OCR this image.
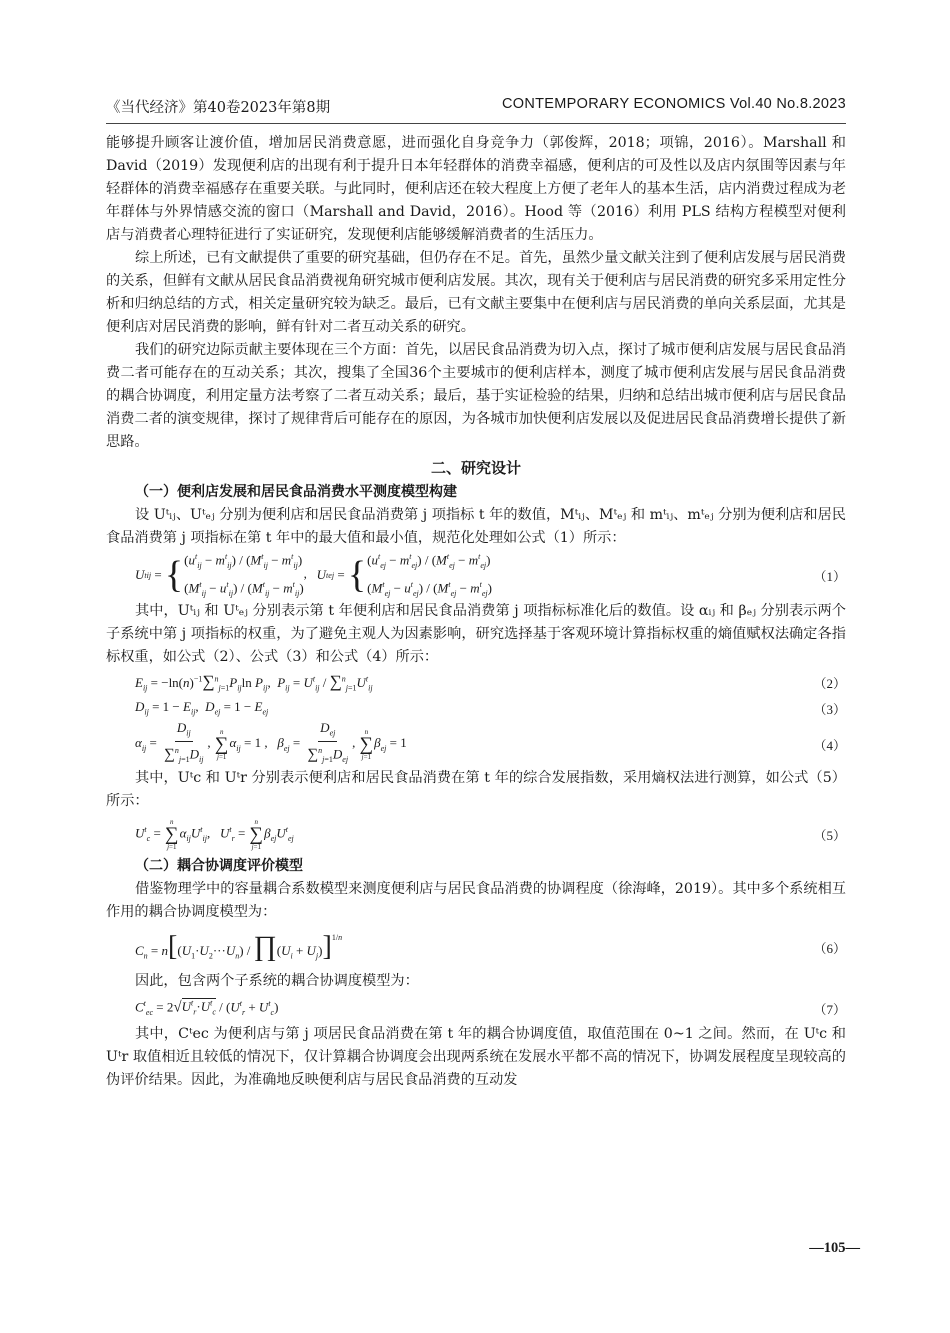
《当代经济》第40卷2023年第8期	CONTEMPORARY ECONOMICS Vol.40 No.8.2023

能够提升顾客让渡价值，增加居民消费意愿，进而强化自身竞争力（郭俊辉，2018；项锦，2016）。Marshall 和 David（2019）发现便利店的出现有利于提升日本年轻群体的消费幸福感，便利店的可及性以及店内氛围等因素与年轻群体的消费幸福感存在重要关联。与此同时，便利店还在较大程度上方便了老年人的基本生活，店内消费过程成为老年群体与外界情感交流的窗口（Marshall and David，2016）。Hood 等（2016）利用 PLS 结构方程模型对便利店与消费者心理特征进行了实证研究，发现便利店能够缓解消费者的生活压力。

综上所述，已有文献提供了重要的研究基础，但仍存在不足。首先，虽然少量文献关注到了便利店发展与居民消费的关系，但鲜有文献从居民食品消费视角研究城市便利店发展。其次，现有关于便利店与居民消费的研究多采用定性分析和归纳总结的方式，相关定量研究较为缺乏。最后，已有文献主要集中在便利店与居民消费的单向关系层面，尤其是便利店对居民消费的影响，鲜有针对二者互动关系的研究。

我们的研究边际贡献主要体现在三个方面：首先，以居民食品消费为切入点，探讨了城市便利店发展与居民食品消费二者可能存在的互动关系；其次，搜集了全国36个主要城市的便利店样本，测度了城市便利店发展与居民食品消费的耦合协调度，利用定量方法考察了二者互动关系；最后，基于实证检验的结果，归纳和总结出城市便利店与居民食品消费二者的演变规律，探讨了规律背后可能存在的原因，为各城市加快便利店发展以及促进居民食品消费增长提供了新思路。

二、研究设计
（一）便利店发展和居民食品消费水平测度模型构建

设 Uᵗᵢⱼ、Uᵗₑⱼ 分别为便利店和居民食品消费第 j 项指标 t 年的数值，Mᵗᵢⱼ、Mᵗₑⱼ 和 mᵗᵢⱼ、mᵗₑⱼ 分别为便利店和居民食品消费第 j 项指标在第 t 年中的最大值和最小值，规范化处理如公式（1）所示：

U t ij = { $(u^t_{ij} - m^t_{ij}) / (M^t_{ij} - m^t_{ij})$
$(M^t_{ij} - u^t_{ij}) / (M^t_{ij} - m^t_{ij})$
, U t ej = { $(u^t_{ej} - m^t_{ej}) / (M^t_{ej} - m^t_{ej})$
$(M^t_{ej} - u^t_{ej}) / (M^t_{ej} - m^t_{ej})$
（1）

其中，Uᵗᵢⱼ 和 Uᵗₑⱼ 分别表示第 t 年便利店和居民食品消费第 j 项指标标准化后的数值。设 αᵢⱼ 和 βₑⱼ 分别表示两个子系统中第 j 项指标的权重，为了避免主观人为因素影响，研究选择基于客观环境计算指标权重的熵值赋权法确定各指标权重，如公式（2）、公式（3）和公式（4）所示：

$E_{ij} = -\ln(n)^{-1}\sum^n_{j=1}P_{ij}\ln$ $P_{ij}$,  $P_{ij} = U^t_{ij} / \sum^n_{j=1}U^t_{ij}$	（2）
$D_{ij} = 1 - E_{ij}$,  $D_{ej} = 1 - E_{ej}$	（3）
$\alpha_{ij} = \frac{D_{ij}}{\sum^n_{j=1}D_{ij}}$ ,
n
∑
j=1
$\alpha_{ij} = 1$ ,   $\beta_{ej} = \frac{D_{ej}}{\sum^n_{j=1}D_{ej}}$ ,
n
∑
j=1
$\beta_{ej} = 1$	（4）

其中，Uᵗc 和 Uᵗr 分别表示便利店和居民食品消费在第 t 年的综合发展指数，采用熵权法进行测算，如公式（5）所示：

$U^t_c$ =
n
∑
j=1
$\alpha_{ij}U^t_{ij}$,   $U^t_r$ =
n
∑
j=1
$\beta_{ej}U^t_{ej}$	（5）
（二）耦合协调度评价模型

借鉴物理学中的容量耦合系数模型来测度便利店与居民食品消费的协调程度（徐海峰，2019）。其中多个系统相互作用的耦合协调度模型为：

$C_n = n[(U_1\cdot U_2\cdot\cdot\cdot U_n)$ / $\prod(U_i + U_j)]^{1/n}$
（6）

因此，包含两个子系统的耦合协调度模型为：

$C^t_{ec} = 2√U^t_r\cdot U^t_c / (U^t_r + U^t_c)$	（7）

其中，Cᵗec 为便利店与第 j 项居民食品消费在第 t 年的耦合协调度值，取值范围在 0~1 之间。然而，在 Uᵗc 和 Uᵗr 取值相近且较低的情况下，仅计算耦合协调度会出现两系统在发展水平都不高的情况下，协调发展程度呈现较高的伪评价结果。因此，为准确地反映便利店与居民食品消费的互动发

—105—
